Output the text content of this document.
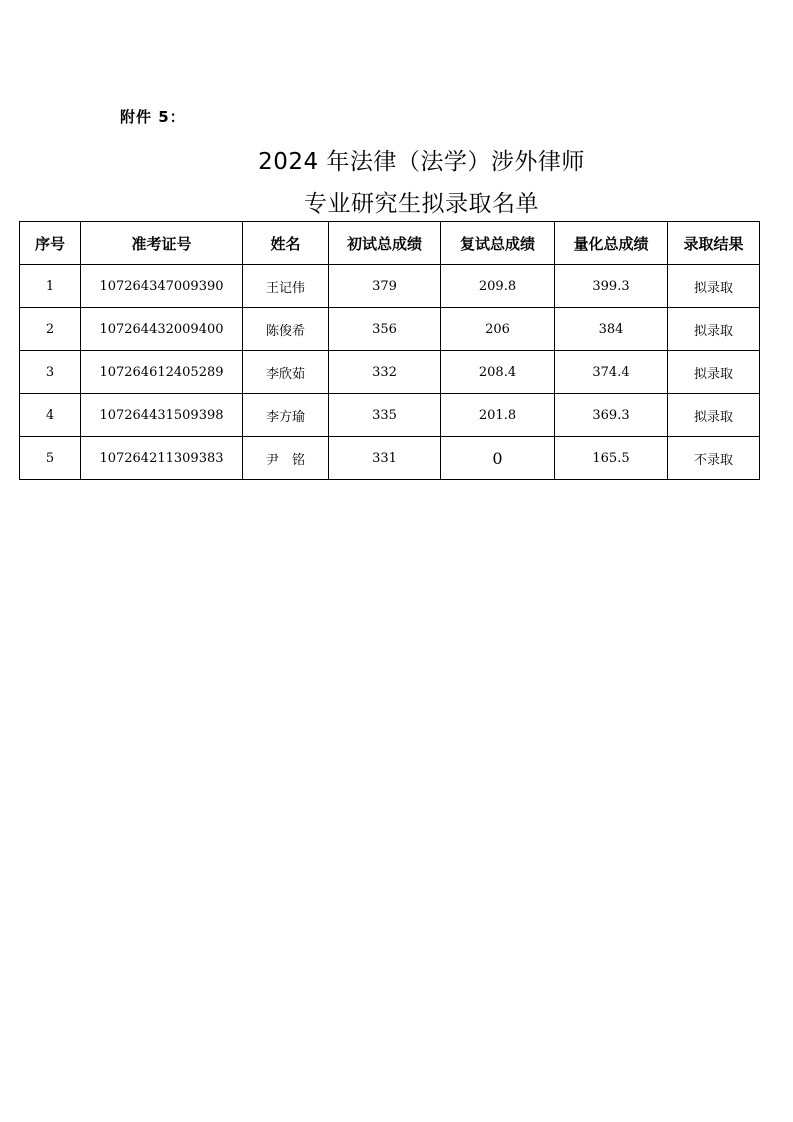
附件 5：
2024 年法律（法学）涉外律师
专业研究生拟录取名单
序号	准考证号	姓名	初试总成绩	复试总成绩	量化总成绩	录取结果
1	107264347009390	王记伟	379	209.8	399.3	拟录取
2	107264432009400	陈俊希	356	206	384	拟录取
3	107264612405289	李欣茹	332	208.4	374.4	拟录取
4	107264431509398	李方瑜	335	201.8	369.3	拟录取
5	107264211309383	尹　铭	331	0	165.5	不录取
